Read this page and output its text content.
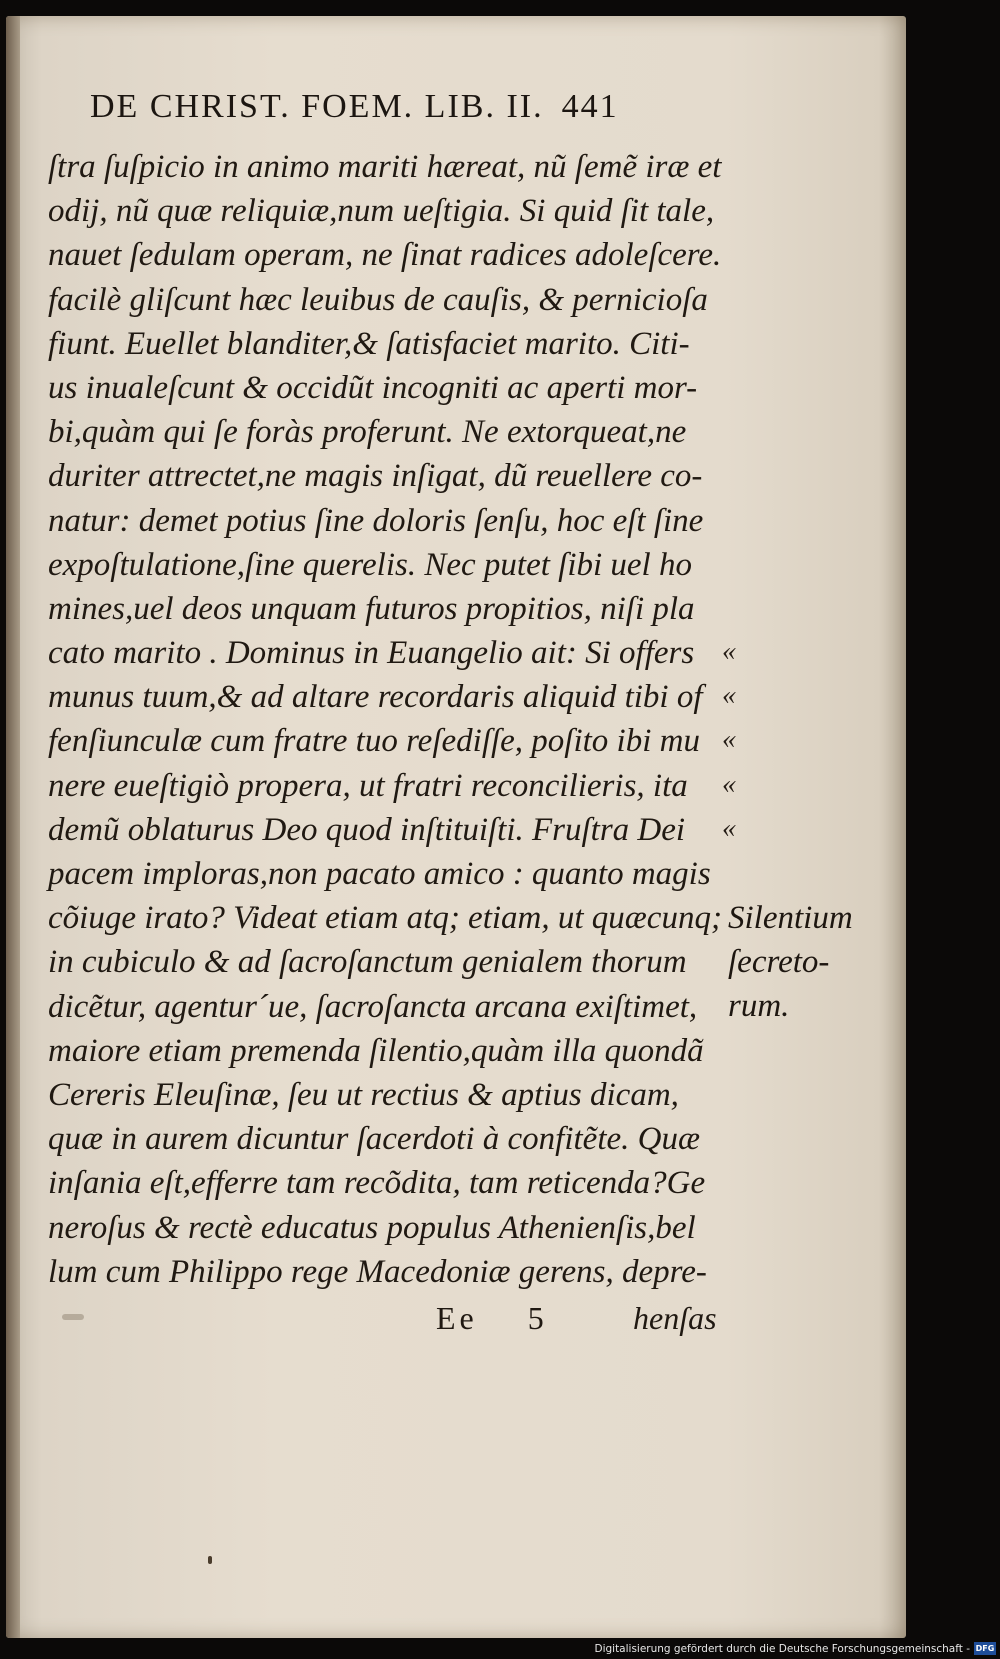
DE CHRIST. FOEM. LIB. II. 441
ſtra ſuſpicio in animo mariti hæreat, nũ ſemẽ iræ et
odij, nũ quæ reliquiæ,num ueſtigia. Si quid ſit tale,
nauet ſedulam operam, ne ſinat radices adoleſcere.
facilè gliſcunt hæc leuibus de cauſis, & pernicioſa
fiunt. Euellet blanditer,& ſatisfaciet marito. Citi-
us inualeſcunt & occidũt incogniti ac aperti mor-
bi,quàm qui ſe foràs proferunt. Ne extorqueat,ne
duriter attrectet,ne magis inſigat, dũ reuellere co-
natur: demet potius ſine doloris ſenſu, hoc eſt ſine
expoſtulatione,ſine querelis. Nec putet ſibi uel ho
mines,uel deos unquam futuros propitios, niſi pla
cato marito . Dominus in Euangelio ait: Si offers
munus tuum,& ad altare recordaris aliquid tibi of
fenſiunculæ cum fratre tuo reſediſſe, poſito ibi mu
nere eueſtigiò propera, ut fratri reconcilieris, ita
demũ oblaturus Deo quod inſtituiſti. Fruſtra Dei
pacem imploras,non pacato amico : quanto magis
cõiuge irato? Videat etiam atq; etiam, ut quæcunq;
in cubiculo & ad ſacroſanctum genialem thorum
dicẽtur, agentur´ue, ſacroſancta arcana exiſtimet,
maiore etiam premenda ſilentio,quàm illa quondã
Cereris Eleuſinæ, ſeu ut rectius & aptius dicam,
quæ in aurem dicuntur ſacerdoti à confitẽte. Quæ
inſania eſt,efferre tam recõdita, tam reticenda?Ge
neroſus & rectè educatus populus Athenienſis,bel
lum cum Philippo rege Macedoniæ gerens, depre-
«
«
«
«
«
Silentium
ſecreto-
rum.
Ee 5	henſas
Digitalisierung gefördert durch die Deutsche Forschungsgemeinschaft - DFG
